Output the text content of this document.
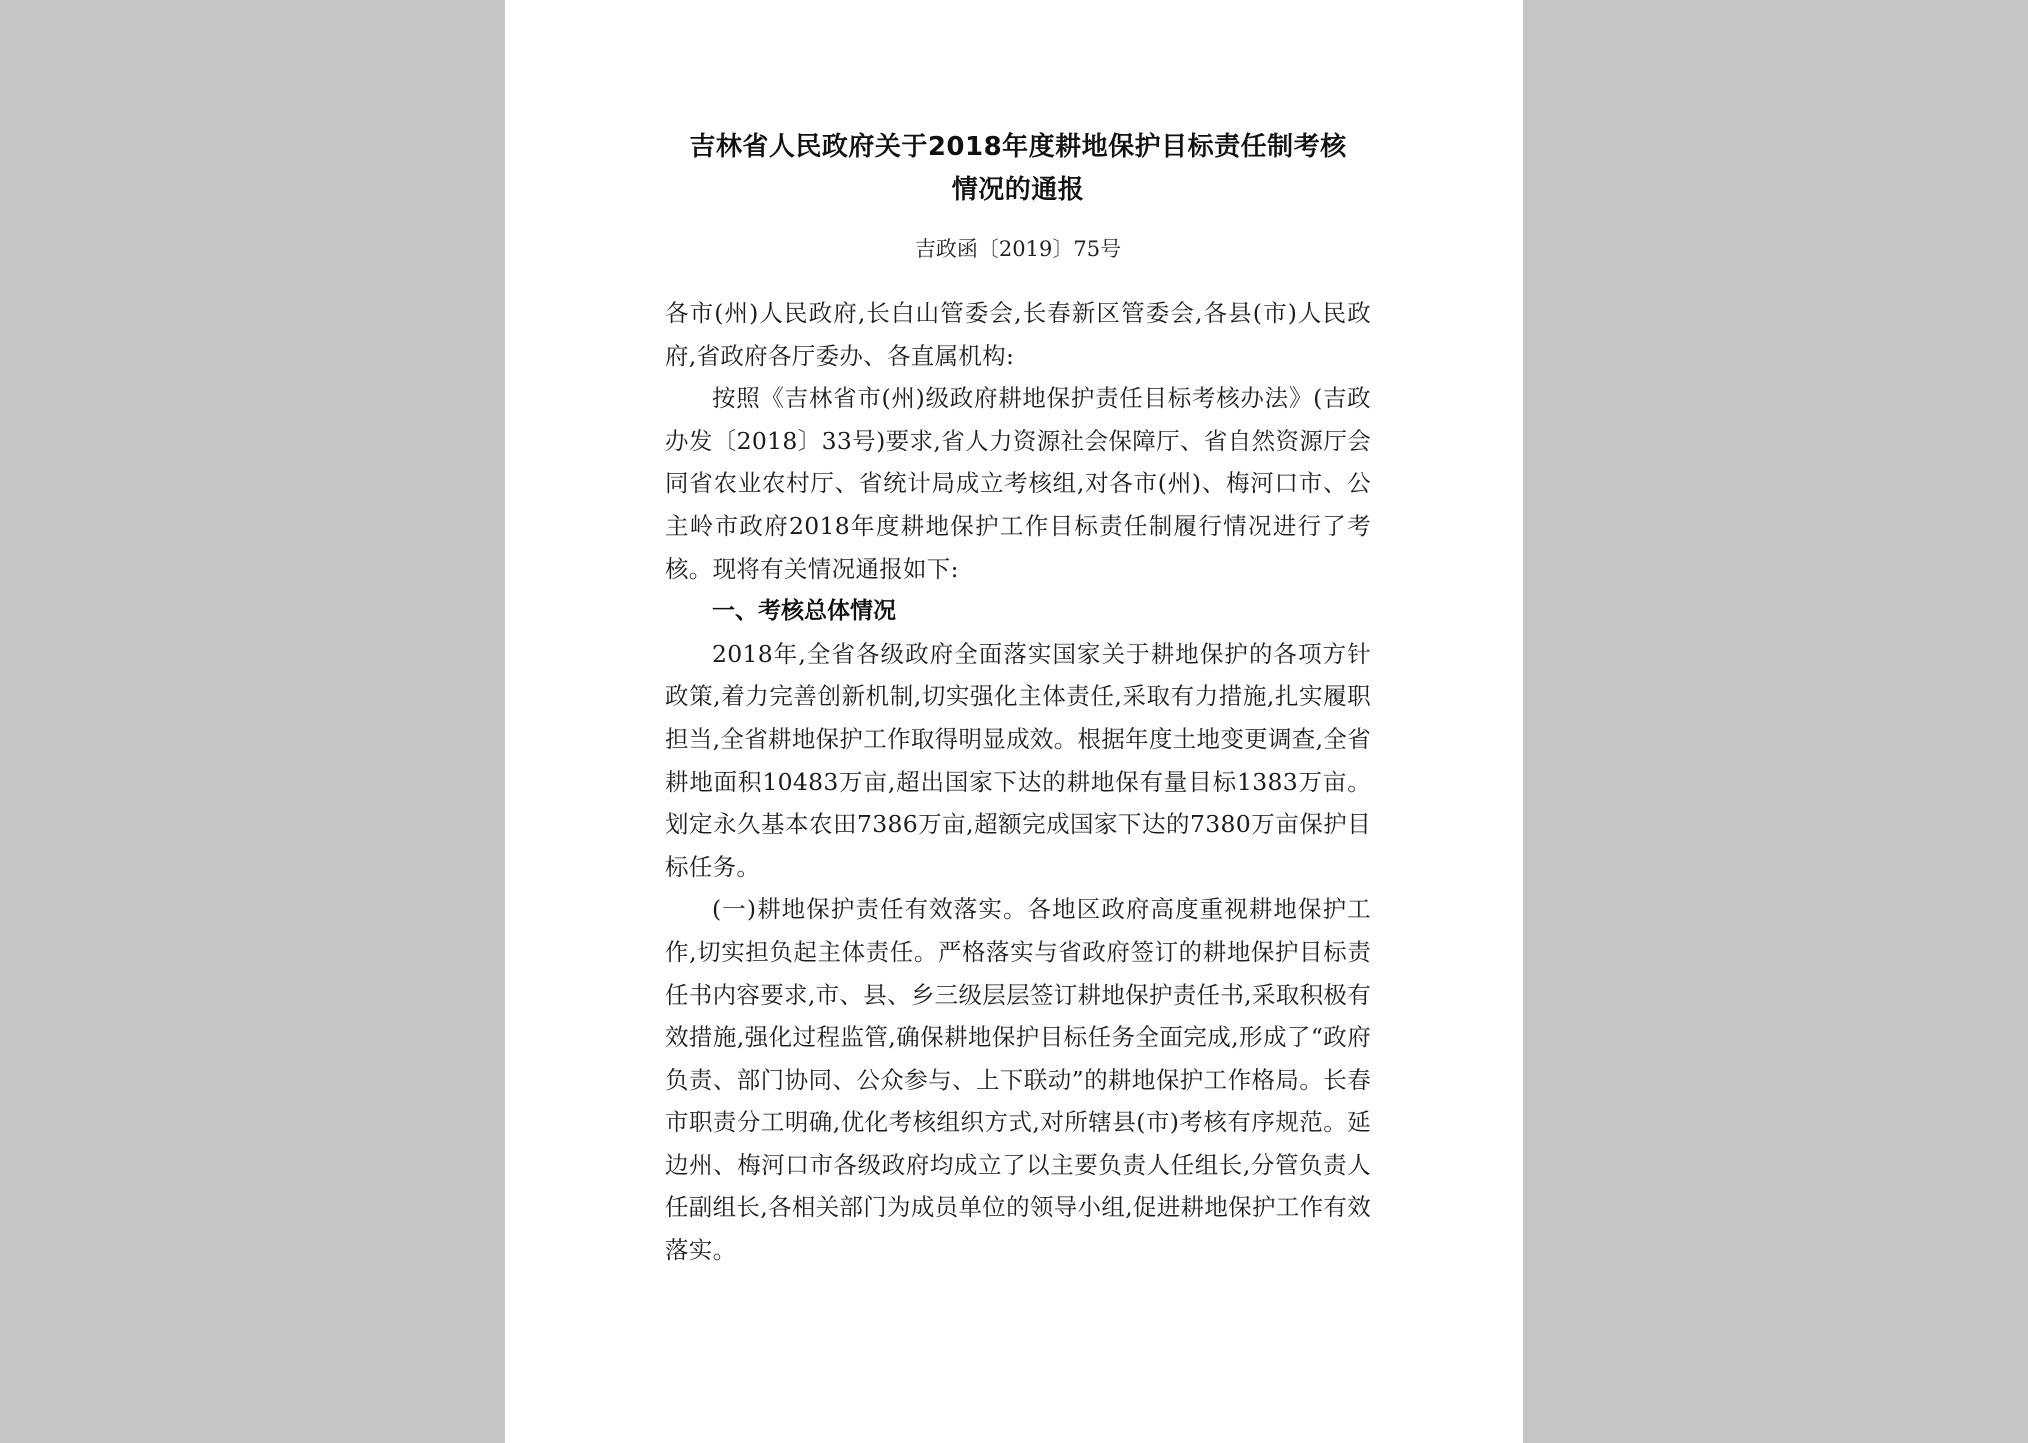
吉林省人民政府关于2018年度耕地保护目标责任制考核
情况的通报
吉政函〔2019〕75号

各市(州)人民政府,长白山管委会,长春新区管委会,各县(市)人民政府,省政府各厅委办、各直属机构:

按照《吉林省市(州)级政府耕地保护责任目标考核办法》(吉政办发〔2018〕33号)要求,省人力资源社会保障厅、省自然资源厅会同省农业农村厅、省统计局成立考核组,对各市(州)、梅河口市、公主岭市政府2018年度耕地保护工作目标责任制履行情况进行了考核。现将有关情况通报如下:

一、考核总体情况

2018年,全省各级政府全面落实国家关于耕地保护的各项方针政策,着力完善创新机制,切实强化主体责任,采取有力措施,扎实履职担当,全省耕地保护工作取得明显成效。根据年度土地变更调查,全省耕地面积10483万亩,超出国家下达的耕地保有量目标1383万亩。划定永久基本农田7386万亩,超额完成国家下达的7380万亩保护目标任务。

(一)耕地保护责任有效落实。各地区政府高度重视耕地保护工作,切实担负起主体责任。严格落实与省政府签订的耕地保护目标责任书内容要求,市、县、乡三级层层签订耕地保护责任书,采取积极有效措施,强化过程监管,确保耕地保护目标任务全面完成,形成了“政府负责、部门协同、公众参与、上下联动”的耕地保护工作格局。长春市职责分工明确,优化考核组织方式,对所辖县(市)考核有序规范。延边州、梅河口市各级政府均成立了以主要负责人任组长,分管负责人任副组长,各相关部门为成员单位的领导小组,促进耕地保护工作有效落实。
